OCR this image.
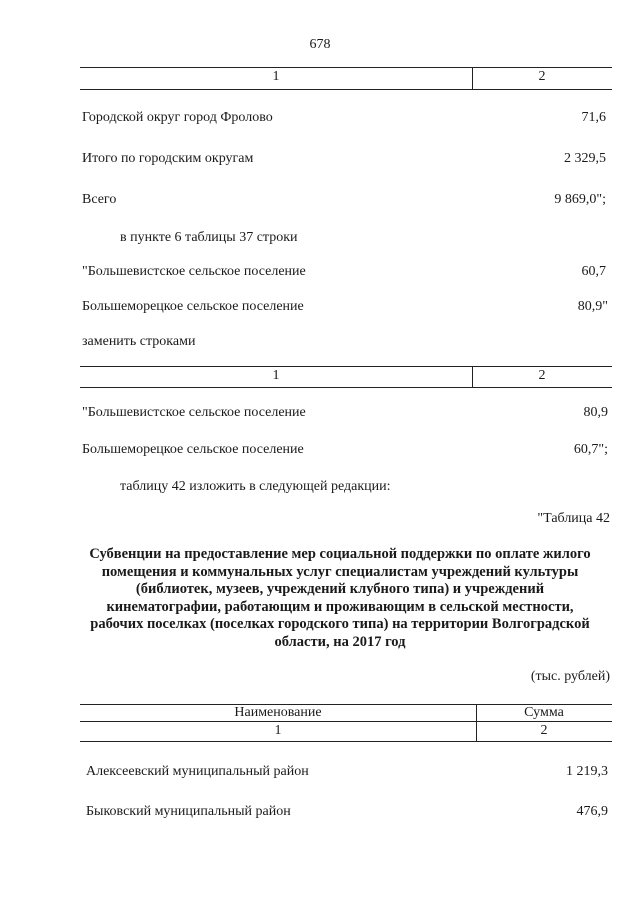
678
1	2
Городской округ город Фролово	71,6
Итого по городским округам	2 329,5
Всего	9 869,0";
в пункте 6 таблицы 37 строки
"Большевистское сельское поселение	60,7
Большеморецкое сельское поселение	80,9"
заменить строками
1	2
"Большевистское сельское поселение	80,9
Большеморецкое сельское поселение	60,7";
таблицу 42 изложить в следующей редакции:
"Таблица 42
Субвенции на предоставление мер социальной поддержки по оплате жилого
помещения и коммунальных услуг специалистам учреждений культуры
(библиотек, музеев, учреждений клубного типа) и учреждений
кинематографии, работающим и проживающим в сельской местности,
рабочих поселках (поселках городского типа) на территории Волгоградской
области, на 2017 год
(тыс. рублей)
Наименование	Сумма
1	2
Алексеевский муниципальный район	1 219,3
Быковский муниципальный район	476,9
